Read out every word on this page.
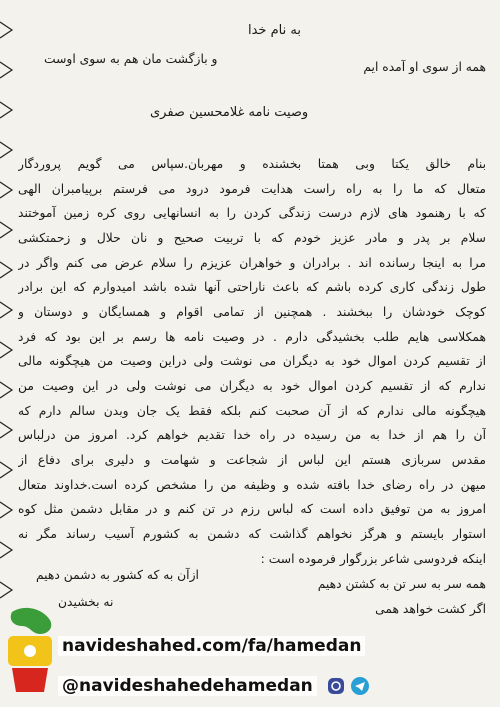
به نام خدا
همه از سوی او آمده ایم
و بازگشت مان هم به سوی اوست
وصیت نامه غلامحسین صفری
بنام خالق یکتا وبی همتا بخشنده و مهربان.سپاس می گویم پروردگار
متعال که ما را به راه راست هدایت فرمود درود می فرستم برپیامبران الهی
که با رهنمود های لازم درست زندگی کردن را به انسانهایی روی کره زمین آموختند
سلام بر پدر و مادر عزیز خودم که با تربیت صحیح و نان حلال و زحمتکشی
مرا به اینجا رسانده اند . برادران و خواهران عزیزم را سلام عرض می کنم واگر در
طول زندگی کاری کرده باشم که باعث ناراحتی آنها شده باشد امیدوارم که این برادر
کوچک خودشان را ببخشند . همچنین از تمامی اقوام و همسایگان و دوستان و
همکلاسی هایم طلب بخشیدگی دارم . در وصیت نامه ها رسم بر این بود که فرد
از تقسیم کردن اموال خود به دیگران می نوشت ولی دراین وصیت من هیچگونه مالی
ندارم که از تقسیم کردن اموال خود به دیگران می نوشت ولی در این وصیت من
هیچگونه مالی ندارم که از آن صحبت کنم بلکه فقط یک جان وبدن سالم دارم که
آن را هم از خدا به من رسیده در راه خدا تقدیم خواهم کرد. امروز من درلباس
مقدس سربازی هستم این لباس از شجاعت و شهامت و دلیری برای دفاع از
میهن در راه رضای خدا بافته شده و وظیفه من را مشخص کرده است.خداوند متعال
امروز به من توفیق داده است که لباس رزم در تن کنم و در مقابل دشمن مثل کوه
استوار بایستم و هرگز نخواهم گذاشت که دشمن به کشورم آسیب رساند مگر نه
اینکه فردوسی شاعر بزرگوار فرموده است :
همه سر به سر تن به کشتن دهیم
ازآن به که کشور به دشمن دهیم
اگر کشت خواهد همی
نه بخشیدن
navideshahed.com/fa/hamedan
@navideshahedehamedan
